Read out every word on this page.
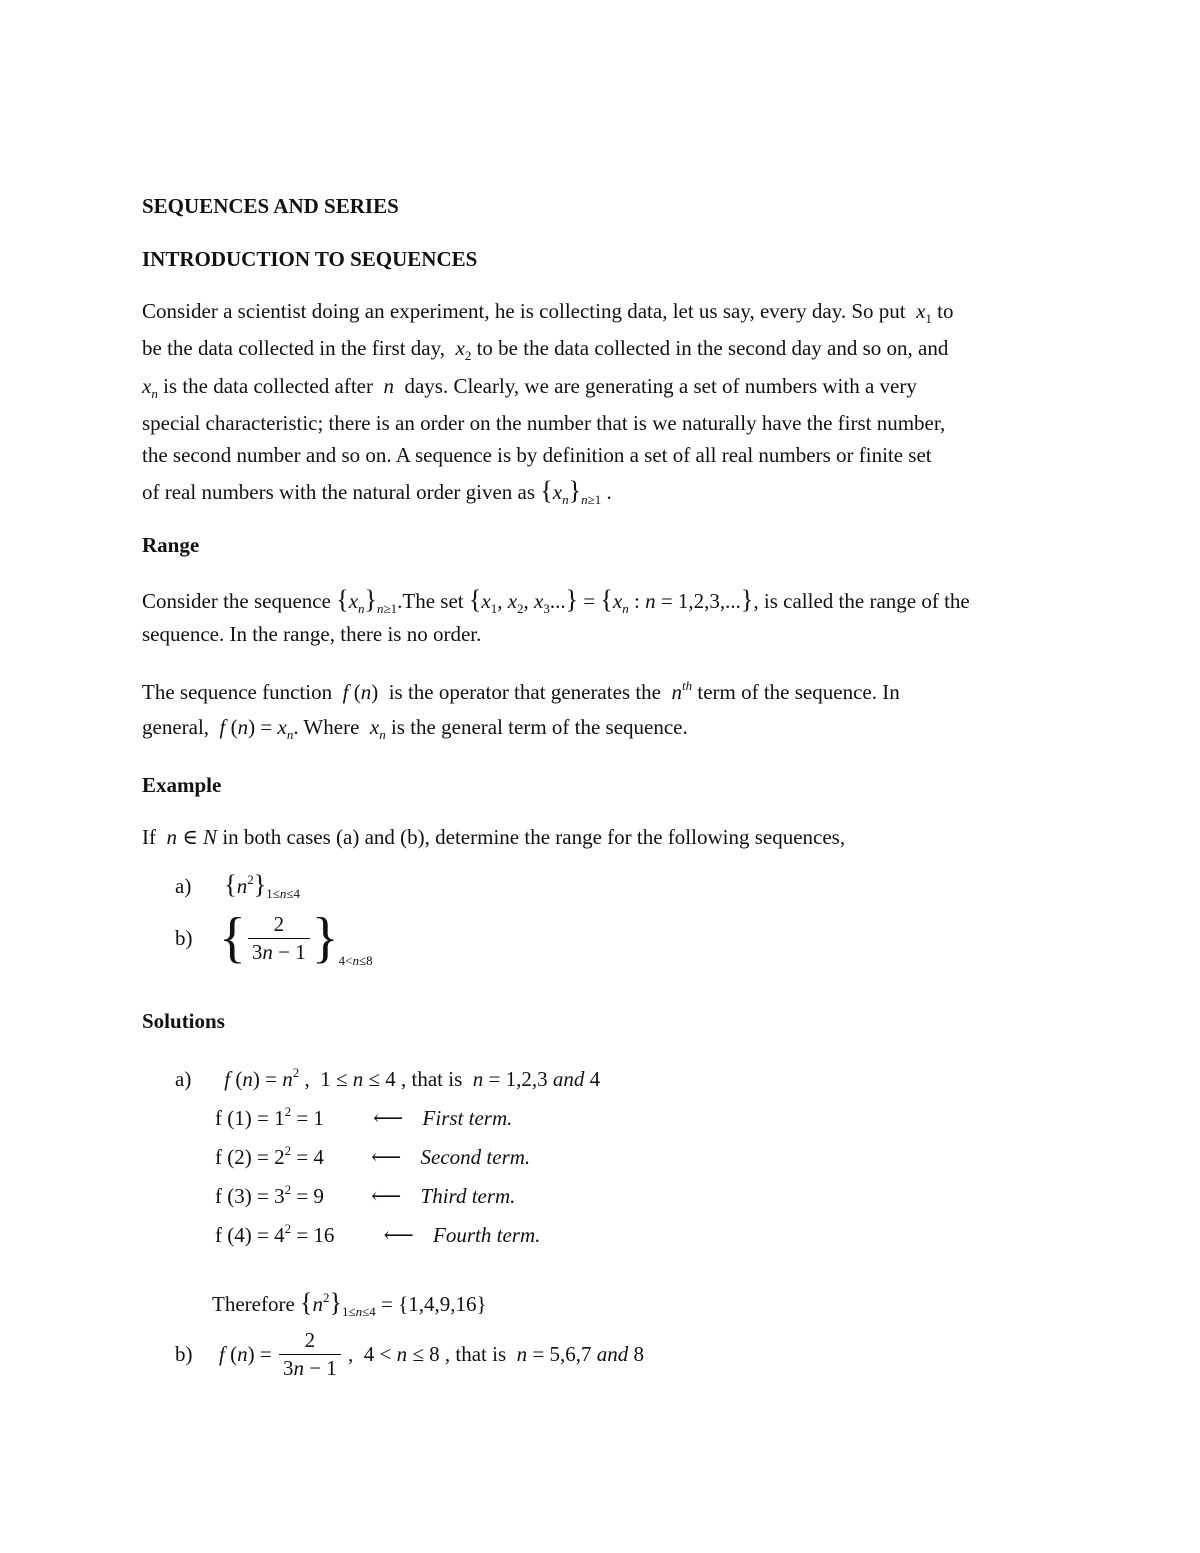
SEQUENCES AND SERIES
INTRODUCTION TO SEQUENCES
Consider a scientist doing an experiment, he is collecting data, let us say, every day. So put  $x_1$ to
be the data collected in the first day,  $x_2$ to be the data collected in the second day and so on, and
$x_n$ is the data collected after  n  days. Clearly, we are generating a set of numbers with a very
special characteristic; there is an order on the number that is we naturally have the first number,
the second number and so on. A sequence is by definition a set of all real numbers or finite set
of real numbers with the natural order given as $\{x_n\}_{n\ge 1}$ .
Range
Consider the sequence $\{x_n\}_{n\ge 1}.The$ set {$x_1$, $x_2$, $x_3...\} = \{x_n$ : n = 1,2,3,...}, is called the range of the
sequence. In the range, there is no order.
The sequence function  f (n)  is the operator that generates the  $n^{th}$ term of the sequence. In
general,  f $(n) = x_n$. Where  $x_n$ is the general term of the sequence.
Example
If  n ∈ N in both cases (a) and (b), determine the range for the following sequences,
a) $\{n^2\}_{1\le n\le 4}$
b) { $\frac{2}{3n - 1} \}_{4<n\le 8}$
Solutions
a) f $(n) = n^2$ ,  1 ≤ n ≤ 4 , that is n = 1,2,3 and 4
f $(1) = 1^2 = 1$ ⟵ First term.
f $(2) = 2^2 = 4$ ⟵ Second term.
f $(3) = 3^2 = 9$ ⟵ Third term.
f $(4) = 4^2 = 16$ ⟵ Fourth term.
Therefore $\{n^2\}_{1\le n\le 4} = \{1,4,9,16\}$
b) f $(n) = \frac{2}{3n - 1}$ ,  4 < n ≤ 8 , that is n = 5,6,7 and 8
